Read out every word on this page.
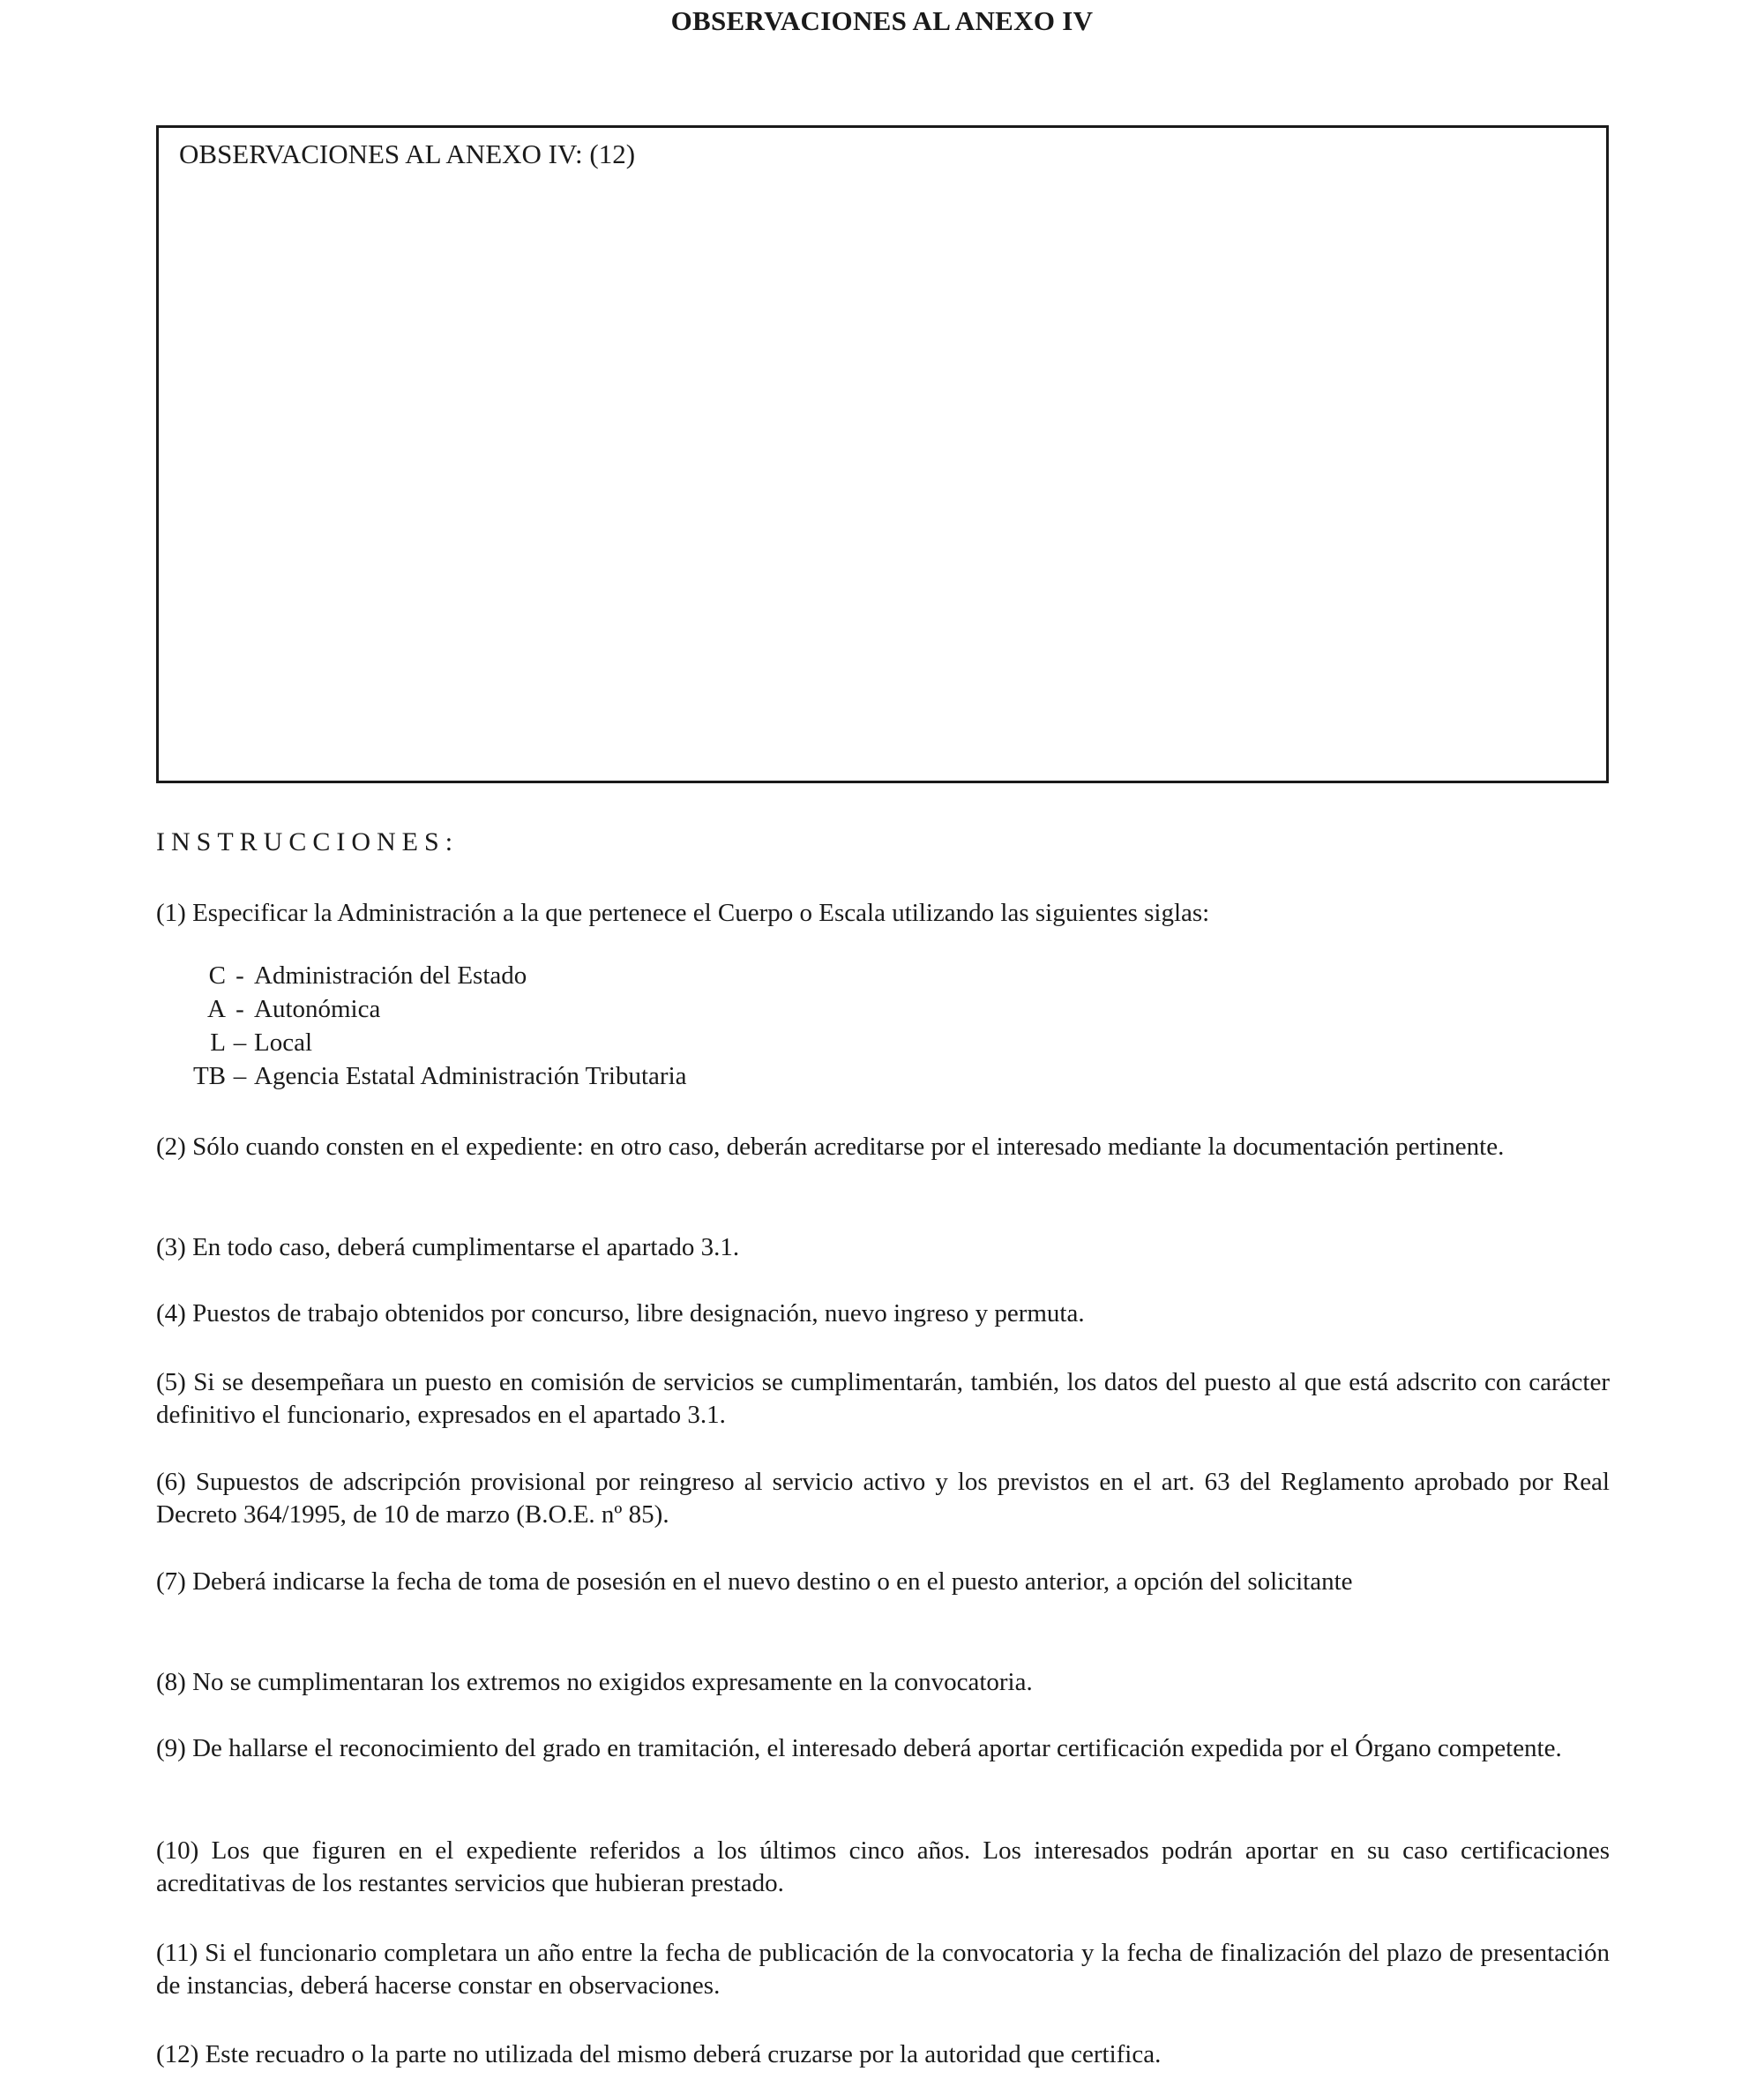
OBSERVACIONES AL ANEXO IV
OBSERVACIONES AL ANEXO IV: (12)
INSTRUCCIONES:
(1) Especificar la Administración a la que pertenece el Cuerpo o Escala utilizando las siguientes siglas:
C - Administración del Estado
A - Autonómica
L – Local
TB – Agencia Estatal Administración Tributaria
(2) Sólo cuando consten en el expediente: en otro caso, deberán acreditarse por el interesado mediante la documentación pertinente.
(3) En todo caso, deberá cumplimentarse el apartado 3.1.
(4) Puestos de trabajo obtenidos por concurso, libre designación, nuevo ingreso y permuta.
(5) Si se desempeñara un puesto en comisión de servicios se cumplimentarán, también, los datos del puesto al que está adscrito con carácter definitivo el funcionario, expresados en el apartado 3.1.
(6) Supuestos de adscripción provisional por reingreso al servicio activo y los previstos en el art. 63 del Reglamento aprobado por Real Decreto 364/1995, de 10 de marzo (B.O.E. nº 85).
(7) Deberá indicarse la fecha de toma de posesión en el nuevo destino o en el puesto anterior, a opción del solicitante
(8) No se cumplimentaran los extremos no exigidos expresamente en la convocatoria.
(9) De hallarse el reconocimiento del grado en tramitación, el interesado deberá aportar certificación expedida por el Órgano competente.
(10) Los que figuren en el expediente referidos a los últimos cinco años. Los interesados podrán aportar en su caso certificaciones acreditativas de los restantes servicios que hubieran prestado.
(11) Si el funcionario completara un año entre la fecha de publicación de la convocatoria y la fecha de finalización del plazo de presentación de instancias, deberá hacerse constar en observaciones.
(12) Este recuadro o la parte no utilizada del mismo deberá cruzarse por la autoridad que certifica.
